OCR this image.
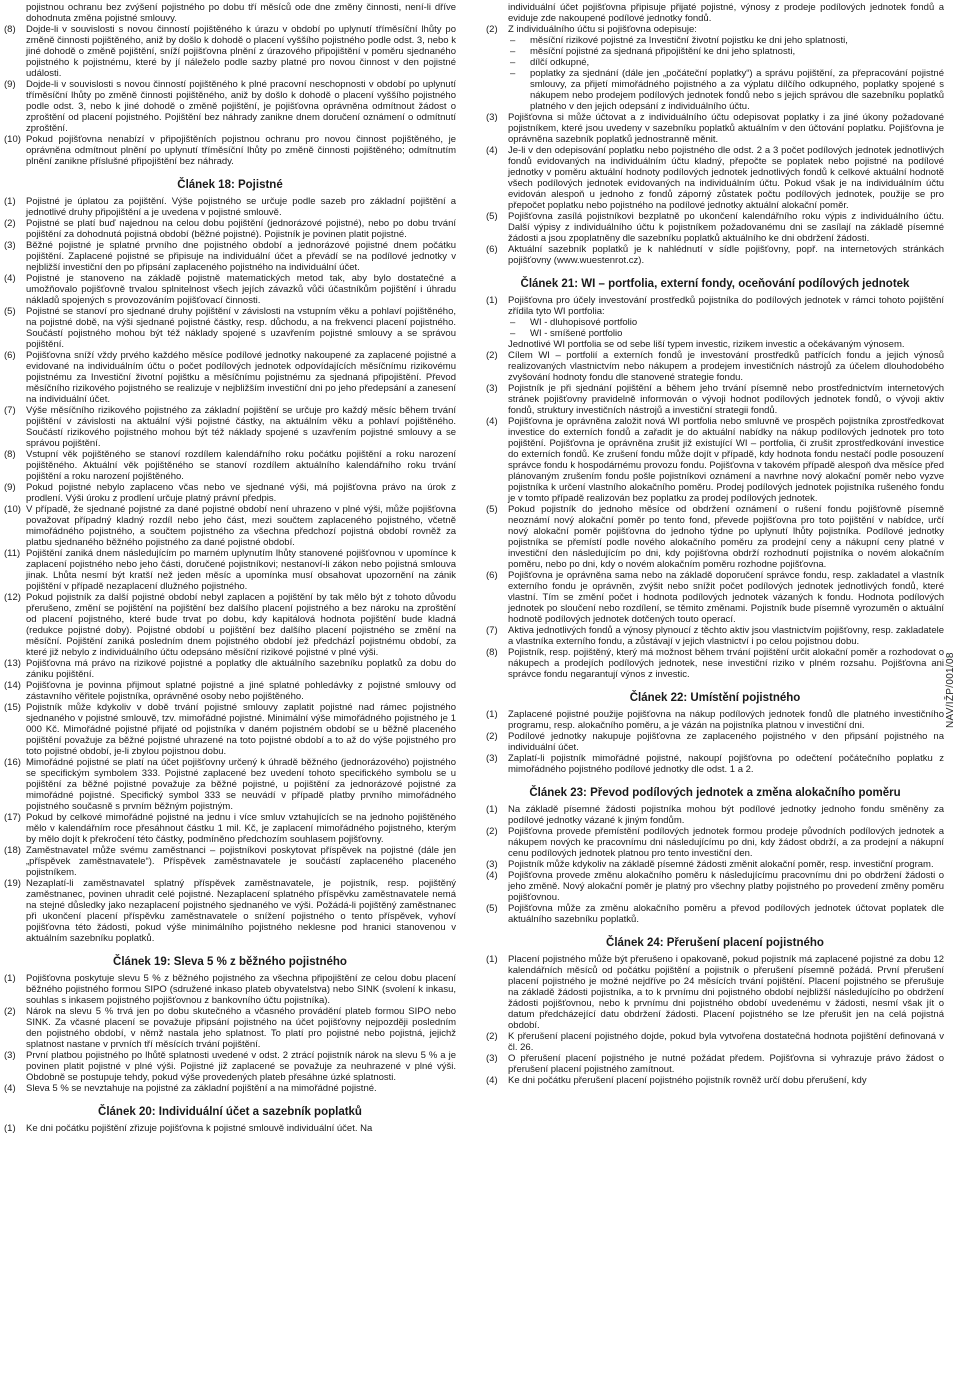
pojistnou ochranu bez zvýšení pojistného po dobu tří měsíců ode dne změny činnosti, není-li dříve dohodnuta změna pojistné smlouvy.
(8) Dojde-li v souvislosti s novou činností pojištěného k úrazu v období po uplynutí tříměsíční lhůty po změně činnosti pojištěného, aniž by došlo k dohodě o placení vyššího pojistného podle odst. 3, nebo k jiné dohodě o změně pojištění, sníží pojišťovna plnění z úrazového připojištění v poměru sjednaného pojistného k pojistnému, které by jí náleželo podle sazby platné pro novou činnost v den pojistné události.
(9) Dojde-li v souvislosti s novou činností pojištěného k plné pracovní neschopnosti v období po uplynutí tříměsíční lhůty po změně činnosti pojištěného, aniž by došlo k dohodě o placení vyššího pojistného podle odst. 3, nebo k jiné dohodě o změně pojištění, je pojišťovna oprávněna odmítnout žádost o zproštění od placení pojistného. Pojištění bez náhrady zanikne dnem doručení oznámení o odmítnutí zproštění.
(10) Pokud pojišťovna nenabízí v připojištěních pojistnou ochranu pro novou činnost pojištěného, je oprávněna odmítnout plnění po uplynutí tříměsíční lhůty po změně činnosti pojištěného; odmítnutím plnění zanikne příslušné připojištění bez náhrady.
Článek 18: Pojistné
(1) Pojistné je úplatou za pojištění. Výše pojistného se určuje podle sazeb pro základní pojištění a jednotlivé druhy připojištění a je uvedena v pojistné smlouvě.
(2) Pojistné se platí buď najednou na celou dobu pojištění (jednorázové pojistné), nebo po dobu trvání pojištění za dohodnutá pojistná období (běžné pojistné). Pojistník je povinen platit pojistné.
(3) Běžné pojistné je splatné prvního dne pojistného období a jednorázové pojistné dnem počátku pojištění. Zaplacené pojistné se připisuje na individuální účet a převádí se na podílové jednotky v nejbližší investiční den po připsání zaplaceného pojistného na individuální účet.
(4) Pojistné je stanoveno na základě pojistně matematických metod tak, aby bylo dostatečné a umožňovalo pojišťovně trvalou splnitelnost všech jejích závazků vůči účastníkům pojištění i úhradu nákladů spojených s provozováním pojišťovací činnosti.
(5) Pojistné se stanoví pro sjednané druhy pojištění v závislosti na vstupním věku a pohlaví pojištěného, na pojistné době, na výši sjednané pojistné částky, resp. důchodu, a na frekvenci placení pojistného. Součástí pojistného mohou být též náklady spojené s uzavřením pojistné smlouvy a se správou pojištění.
(6) Pojišťovna sníží vždy prvého každého měsíce podílové jednotky nakoupené za zaplacené pojistné a evidované na individuálním účtu o počet podílových jednotek odpovídajících měsíčnímu rizikovému pojistnému za Investiční životní pojištku a měsíčnímu pojistnému za sjednaná připojištění. Převod měsíčního rizikového pojistného se realizuje v nejbližším investiční dni po jeho předepsání a zanesení na individuální účet.
(7) Výše měsíčního rizikového pojistného za základní pojištění se určuje pro každý měsíc během trvání pojištění v závislosti na aktuální výši pojistné částky, na aktuálním věku a pohlaví pojištěného. Součástí rizikového pojistného mohou být též náklady spojené s uzavřením pojistné smlouvy a se správou pojištění.
(8) Vstupní věk pojištěného se stanoví rozdílem kalendářního roku počátku pojištění a roku narození pojištěného. Aktuální věk pojištěného se stanoví rozdílem aktuálního kalendářního roku trvání pojištění a roku narození pojištěného.
(9) Pokud pojistné nebylo zaplaceno včas nebo ve sjednané výši, má pojišťovna právo na úrok z prodlení. Výši úroku z prodlení určuje platný právní předpis.
(10) V případě, že sjednané pojistné za dané pojistné období není uhrazeno v plné výši, může pojišťovna považovat případný kladný rozdíl nebo jeho část, mezi součtem zaplaceného pojistného, včetně mimořádného pojistného, a součtem pojistného za všechna předchozí pojistná období rovněž za platbu sjednaného běžného pojistného za dané pojistné období.
(11) Pojištění zaniká dnem následujícím po marném uplynutím lhůty stanovené pojišťovnou v upomínce k zaplacení pojistného nebo jeho části, doručené pojistníkovi; nestanoví-li zákon nebo pojistná smlouva jinak. Lhůta nesmí být kratší než jeden měsíc a upomínka musí obsahovat upozornění na zánik pojištění v případě nezaplacení dlužného pojistného.
(12) Pokud pojistník za další pojistné období nebyl zaplacen a pojištění by tak mělo být z tohoto důvodu přerušeno, změní se pojištění na pojištění bez dalšího placení pojistného a bez nároku na zproštění od placení pojistného, které bude trvat po dobu, kdy kapitálová hodnota pojištění bude kladná (redukce pojistné doby). Pojistné období u pojištění bez dalšího placení pojistného se změní na měsíční. Pojištění zaniká posledním dnem pojistného období jež předcházÍ pojistnému období, za které již nebylo z individuálního účtu odepsáno měsíční rizikové pojistné v plné výši.
(13) Pojišťovna má právo na rizikové pojistné a poplatky dle aktuálního sazebníku poplatků za dobu do zániku pojištění.
(14) Pojišťovna je povinna přijmout splatné pojistné a jiné splatné pohledávky z pojistné smlouvy od zástavního věřitele pojistníka, oprávněné osoby nebo pojištěného.
(15) Pojistník může kdykoliv v době trvání pojistné smlouvy zaplatit pojistné nad rámec pojistného sjednaného v pojistné smlouvě, tzv. mimořádné pojistné. Minimální výše mimořádného pojistného je 1 000 Kč. Mimořádné pojistné přijaté od pojistníka v daném pojistném období se u běžně placeného pojištění považuje za běžné pojistné uhrazené na toto pojistné období a to až do výše pojistného pro toto pojistné období, je-li zbylou pojistnou dobu.
(16) Mimořádné pojistné se platí na účet pojišťovny určený k úhradě běžného (jednorázového) pojistného se specifickým symbolem 333. Pojistné zaplacené bez uvedení tohoto specifického symbolu se u pojištění za běžné pojistné považuje za běžné pojistné, u pojištění za jednorázové pojistné za mimořádné pojistné. Specifický symbol 333 se neuvádí v případě platby prvního mimořádného pojistného současně s prvním běžným pojistným.
(17) Pokud by celkové mimořádné pojistné na jednu i více smluv vztahujících se na jednoho pojištěného mělo v kalendářním roce přesáhnout částku 1 mil. Kč, je zaplacení mimořádného pojistného, kterým by mělo dojít k překročení této částky, podmíněno předchozím souhlasem pojišťovny.
(18) Zaměstnavatel může svému zaměstnanci – pojistníkovi poskytovat příspěvek na pojistné (dále jen „příspěvek zaměstnavatele“). Příspěvek zaměstnavatele je součástí zaplaceného placeného pojistníkem.
(19) Nezaplatí-li zaměstnavatel splatný příspěvek zaměstnavatele, je pojistník, resp. pojištěný zaměstnanec, povinen uhradit celé pojistné. Nezaplacení splatného příspěvku zaměstnavatele nemá na stejné důsledky jako nezaplacení pojistného sjednaného ve výši. Požádá-li pojištěný zaměstnanec při ukončení placení příspěvku zaměstnavatele o snížení pojistného o tento příspěvek, vyhoví pojišťovna této žádosti, pokud výše minimálního pojistného neklesne pod hranici stanovenou v aktuálním sazebníku poplatků.
Článek 19: Sleva 5 % z běžného pojistného
(1) Pojišťovna poskytuje slevu 5 % z běžného pojistného za všechna připojištění ze celou dobu placení běžného pojistného formou SIPO (sdružené inkaso plateb obyvatelstva) nebo SINK (svolení k inkasu, souhlas s inkasem pojistného pojišťovnou z bankovního účtu pojistníka).
(2) Nárok na slevu 5 % trvá jen po dobu skutečného a včasného provádění plateb formou SIPO nebo SINK. Za včasné placení se považuje připsání pojistného na účet pojišťovny nejpozději posledním den pojistného období, v němž nastala jeho splatnost. To platí pro pojistné nebo pojistná, jejichž splatnost nastane v prvních tří měsících trvání pojištění.
(3) První platbou pojistného po lhůtě splatnosti uvedené v odst. 2 ztrácí pojistník nárok na slevu 5 % a je povinen platit pojistné v plné výši. Pojistné již zaplacené se považuje za neuhrazené v plné výši. Obdobně se postupuje tehdy, pokud výše provedených plateb přesáhne úzké splatnosti.
(4) Sleva 5 % se nevztahuje na pojistné za základní pojištění a na mimořádné pojistné.
Článek 20: Individuální účet a sazebník poplatků
(1) Ke dni počátku pojištění zřizuje pojišťovna k pojistné smlouvě individuální účet. Na
individuální účet pojišťovna připisuje přijaté pojistné, výnosy z prodeje podílových jednotek fondů a eviduje zde nakoupené podílové jednotky fondů.
(2) Z individuálního účtu si pojišťovna odepisuje:
– měsíční rizikové pojistné za Investiční životní pojistku ke dni jeho splatnosti,
– měsíční pojistné za sjednaná připojištění ke dni jeho splatnosti,
– dílčí odkupné,
– poplatky za sjednání (dále jen „počáteční poplatky“) a správu pojištění, za přepracování pojistné smlouvy, za přijetí mimořádného pojistného a za výplatu dílčího odkupného, poplatky spojené s nákupem nebo prodejem podílových jednotek fondů nebo s jejich správou dle sazebníku poplatků platného v den jejich odepsání z individuálního účtu.
(3) Pojišťovna si může účtovat a z individuálního účtu odepisovat poplatky i za jiné úkony požadované pojistníkem, které jsou uvedeny v sazebníku poplatků aktuálním v den účtování poplatku. Pojišťovna je oprávněna sazebník poplatků jednostranně měnit.
(4) Je-li v den odepisování poplatku nebo pojistného dle odst. 2 a 3 počet podílových jednotek jednotlivých fondů evidovaných na individuálním účtu kladný, přepočte se poplatek nebo pojistné na podílové jednotky v poměru aktuální hodnoty podílových jednotek jednotlivých fondů k celkové aktuální hodnotě všech podílových jednotek evidovaných na individuálním účtu. Pokud však je na individuálním účtu evidován alespoň u jednoho z fondů záporný zůstatek počtu podílových jednotek, použije se pro přepočet poplatku nebo pojistného na podílové jednotky aktuální alokační poměr.
(5) Pojišťovna zasílá pojistníkovi bezplatně po ukončení kalendářního roku výpis z individuálního účtu. Další výpisy z individuálního účtu k pojistníkem požadovanému dni se zasílají na základě písemné žádosti a jsou zpoplatněny dle sazebníku poplatků aktuálního ke dni obdržení žádosti.
(6) Aktuální sazebník poplatků je k nahlédnutí v sídle pojišťovny, popř. na internetových stránkách pojišťovny (www.wuestenrot.cz).
Článek 21: WI – portfolia, externí fondy, oceňování podílových jednotek
(1) Pojišťovna pro účely investování prostředků pojistníka do podílových jednotek v rámci tohoto pojištění zřídila tyto WI portfolia:
– WI - dluhopisové portfolio
– WI - smíšené portfolio
Jednotlivé WI portfolia se od sebe liší typem investic, rizikem investic a očekávaným výnosem.
(2) Cílem WI – portfolií a externích fondů je investování prostředků patřících fondu a jejich výnosů realizovaných vlastnictvím nebo nákupem a prodejem investičních nástrojů za účelem dlouhodobého zvyšování hodnoty fondu dle stanovené strategie fondu.
(3) Pojistník je při sjednání pojištění a během jeho trvání písemně nebo prostřednictvím internetových stránek pojišťovny pravidelně informován o vývoji hodnot podílových jednotek fondů, o vývoji aktiv fondů, struktury investičních nástrojů a investiční strategii fondů.
(4) Pojišťovna je oprávněna založit nová WI portfolia nebo smluvně ve prospěch pojistníka zprostředkovat investice do externích fondů a zařadit je do aktuální nabídky na nákup podílových jednotek pro toto pojištění. Pojišťovna je oprávněna zrušit již existující WI – portfolia, či zrušit zprostředkování investice do externích fondů. Ke zrušení fondu může dojít v případě, kdy hodnota fondu nestačí podle posouzení správce fondu k hospodárnému provozu fondu. Pojišťovna v takovém případě alespoň dva měsíce před plánovaným zrušením fondu pošle pojistníkovi oznámení a navrhne nový alokační poměr nebo vyzve pojistníka k určení vlastního alokačního poměru. Prodej podílových jednotek pojistníka rušeného fondu je v tomto případě realizován bez poplatku za prodej podílových jednotek.
(5) Pokud pojistník do jednoho měsíce od obdržení oznámení o rušení fondu pojišťovně písemně neoznámí nový alokační poměr po tento fond, převede pojišťovna pro toto pojištění v nabídce, určí nový alokační poměr pojišťovna do jednoho týdne po uplynutí lhůty pojistníka. Podílové jednotky pojistníka se přemístí podle nového alokačního poměru za prodejní ceny a nákupní ceny platné v investiční den následujícím po dni, kdy pojišťovna obdrží rozhodnutí pojistníka o novém alokačním poměru, nebo po dni, kdy o novém alokačním poměru rozhodne pojišťovna.
(6) Pojišťovna je oprávněna sama nebo na základě doporučení správce fondu, resp. zakladatel a vlastník externího fondu je oprávněn, zvýšit nebo snížit počet podílových jednotek jednotlivých fondů, které vlastní. Tím se změní počet i hodnota podílových jednotek vázaných k fondu. Hodnota podílových jednotek po sloučení nebo rozdílení, se těmito změnami. Pojistník bude písemně vyrozuměn o aktuální hodnotě podílových jednotek dotčených touto operací.
(7) Aktiva jednotlivých fondů a výnosy plynoucí z těchto aktiv jsou vlastnictvím pojišťovny, resp. zakladatele a vlastníka externího fondu, a zůstávají v jejich vlastnictví i po celou pojistnou dobu.
(8) Pojistník, resp. pojištěný, který má možnost během trvání pojištění určit alokační poměr a rozhodovat o nákupech a prodejích podílových jednotek, nese investiční riziko v plném rozsahu. Pojišťovna ani správce fondu negarantují výnos z investic.
Článek 22: Umístění pojistného
(1) Zaplacené pojistné použije pojišťovna na nákup podílových jednotek fondů dle platného investičního programu, resp. alokačního poměru, a je vázán na pojistníka platnou v investiční dni.
(2) Podílové jednotky nakupuje pojišťovna ze zaplaceného pojistného v den připsání pojistného na individuální účet.
(3) Zaplatí-li pojistník mimořádné pojistné, nakoupí pojišťovna po odečtení počátečního poplatku z mimořádného pojistného podílové jednotky dle odst. 1 a 2.
Článek 23: Převod podílových jednotek a změna alokačního poměru
(1) Na základě písemné žádosti pojistníka mohou být podílové jednotky jednoho fondu směněny za podílové jednotky vázané k jiným fondům.
(2) Pojišťovna provede přemístění podílových jednotek formou prodeje původních podílových jednotek a nákupem nových ke pracovnímu dni následujícímu po dni, kdy žádost obdrží, a za prodejní a nákupní cenu podílových jednotek platnou pro tento investiční den.
(3) Pojistník může kdykoliv na základě písemné žádosti změnit alokační poměr, resp. investiční program.
(4) Pojišťovna provede změnu alokačního poměru k následujícímu pracovnímu dni po obdržení žádosti o jeho změně. Nový alokační poměr je platný pro všechny platby pojistného po provedení změny poměru pojišťovnou.
(5) Pojišťovna může za změnu alokačního poměru a převod podílových jednotek účtovat poplatek dle aktuálního sazebníku poplatků.
Článek 24: Přerušení placení pojistného
(1) Placení pojistného může být přerušeno i opakovaně, pokud pojistník má zaplacené pojistné za dobu 12 kalendářních měsíců od počátku pojištění a pojistník o přerušení písemně požádá. První přerušení placení pojistného je možné nejdříve po 24 měsících trvání pojištění. Placení pojistného se přerušuje na základě žádosti pojistníka, a to k prvnímu dni pojistného období nejbližší následujícího po obdržení žádosti pojišťovnou, nebo k prvnímu dni pojistného období uvedenému v žádosti, nesmí však jít o datum předcházející datu obdržení žádosti. Placení pojistného se lze přerušit jen na celá pojistná období.
(2) K přerušení placení pojistného dojde, pokud byla vytvořena dostatečná hodnota pojištění definovaná v čl. 26.
(3) O přerušení placení pojistného je nutné požádat předem. Pojišťovna si vyhrazuje právo žádost o přerušení placení pojistného zamítnout.
(4) Ke dni počátku přerušení placení pojistného pojistník rovněž určí dobu přerušení, kdy
NAV/IŽP/001/08
